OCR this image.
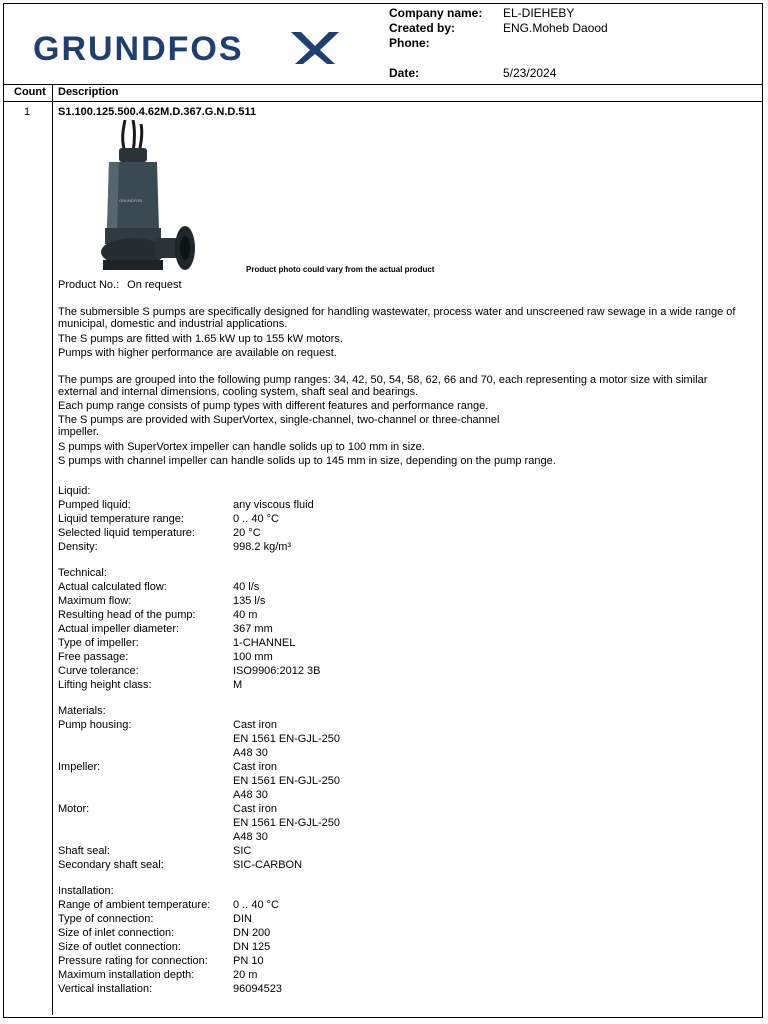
GRUNDFOS
Company name:	EL-DIEHEBY
Created by:	ENG.Moheb Daood
Phone:
Date:	5/23/2024
Count Description
1	S1.100.125.500.4.62M.D.367.G.N.D.511
GRUNDFOS
Product photo could vary from the actual product
Product No.: On request
The submersible S pumps are specifically designed for handling wastewater, process water and unscreened raw sewage in a wide range of municipal, domestic and industrial applications.
The S pumps are fitted with 1.65 kW up to 155 kW motors.
Pumps with higher performance are available on request.
The pumps are grouped into the following pump ranges: 34, 42, 50, 54, 58, 62, 66 and 70, each representing a motor size with similar external and internal dimensions, cooling system, shaft seal and bearings.
Each pump range consists of pump types with different features and performance range.
The S pumps are provided with SuperVortex, single-channel, two-channel or three-channel impeller.
S pumps with SuperVortex impeller can handle solids up to 100 mm in size.
S pumps with channel impeller can handle solids up to 145 mm in size, depending on the pump range.
Liquid:
Pumped liquid:	any viscous fluid
Liquid temperature range:	0 .. 40 °C
Selected liquid temperature:	20 °C
Density:	998.2 kg/m³
Technical:
Actual calculated flow:	40 l/s
Maximum flow:	135 l/s
Resulting head of the pump:	40 m
Actual impeller diameter:	367 mm
Type of impeller:	1-CHANNEL
Free passage:	100 mm
Curve tolerance:	ISO9906:2012 3B
Lifting height class:	M
Materials:
Pump housing:	Cast iron
EN 1561 EN-GJL-250
A48 30
Impeller:	Cast iron
EN 1561 EN-GJL-250
A48 30
Motor:	Cast iron
EN 1561 EN-GJL-250
A48 30
Shaft seal:	SIC
Secondary shaft seal:	SIC-CARBON
Installation:
Range of ambient temperature:	0 .. 40 °C
Type of connection:	DIN
Size of inlet connection:	DN 200
Size of outlet connection:	DN 125
Pressure rating for connection:	PN 10
Maximum installation depth:	20 m
Vertical installation:	96094523
